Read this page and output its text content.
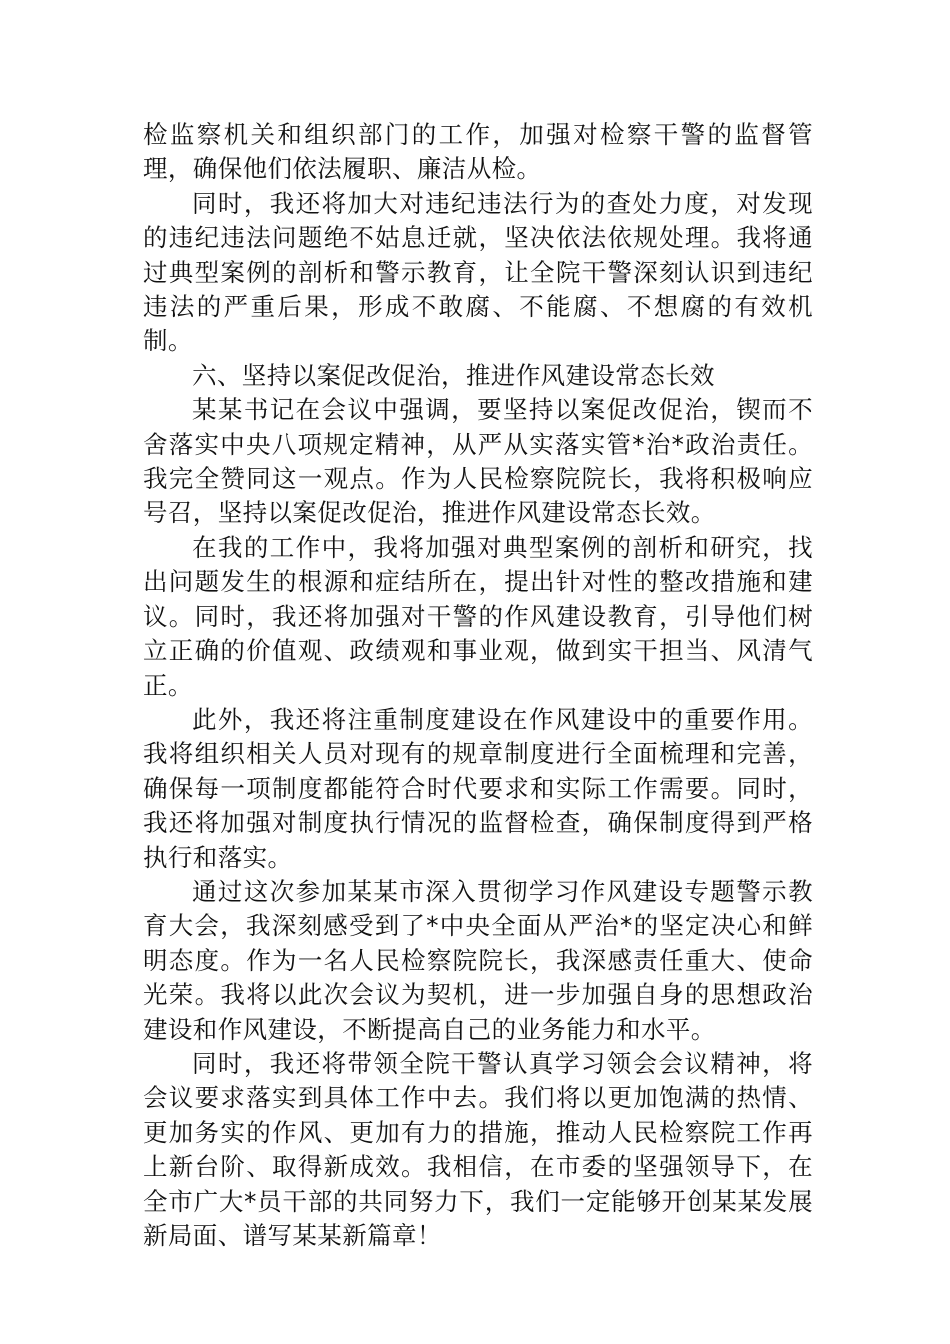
检监察机关和组织部门的工作，加强对检察干警的监督管理，确保他们依法履职、廉洁从检。

同时，我还将加大对违纪违法行为的查处力度，对发现的违纪违法问题绝不姑息迁就，坚决依法依规处理。我将通过典型案例的剖析和警示教育，让全院干警深刻认识到违纪违法的严重后果，形成不敢腐、不能腐、不想腐的有效机制。

六、坚持以案促改促治，推进作风建设常态长效

某某书记在会议中强调，要坚持以案促改促治，锲而不舍落实中央八项规定精神，从严从实落实管*治*政治责任。我完全赞同这一观点。作为人民检察院院长，我将积极响应号召，坚持以案促改促治，推进作风建设常态长效。

在我的工作中，我将加强对典型案例的剖析和研究，找出问题发生的根源和症结所在，提出针对性的整改措施和建议。同时，我还将加强对干警的作风建设教育，引导他们树立正确的价值观、政绩观和事业观，做到实干担当、风清气正。

此外，我还将注重制度建设在作风建设中的重要作用。我将组织相关人员对现有的规章制度进行全面梳理和完善，确保每一项制度都能符合时代要求和实际工作需要。同时，我还将加强对制度执行情况的监督检查，确保制度得到严格执行和落实。

通过这次参加某某市深入贯彻学习作风建设专题警示教育大会，我深刻感受到了*中央全面从严治*的坚定决心和鲜明态度。作为一名人民检察院院长，我深感责任重大、使命光荣。我将以此次会议为契机，进一步加强自身的思想政治建设和作风建设，不断提高自己的业务能力和水平。

同时，我还将带领全院干警认真学习领会会议精神，将会议要求落实到具体工作中去。我们将以更加饱满的热情、更加务实的作风、更加有力的措施，推动人民检察院工作再上新台阶、取得新成效。我相信，在市委的坚强领导下，在全市广大*员干部的共同努力下，我们一定能够开创某某发展新局面、谱写某某新篇章！
